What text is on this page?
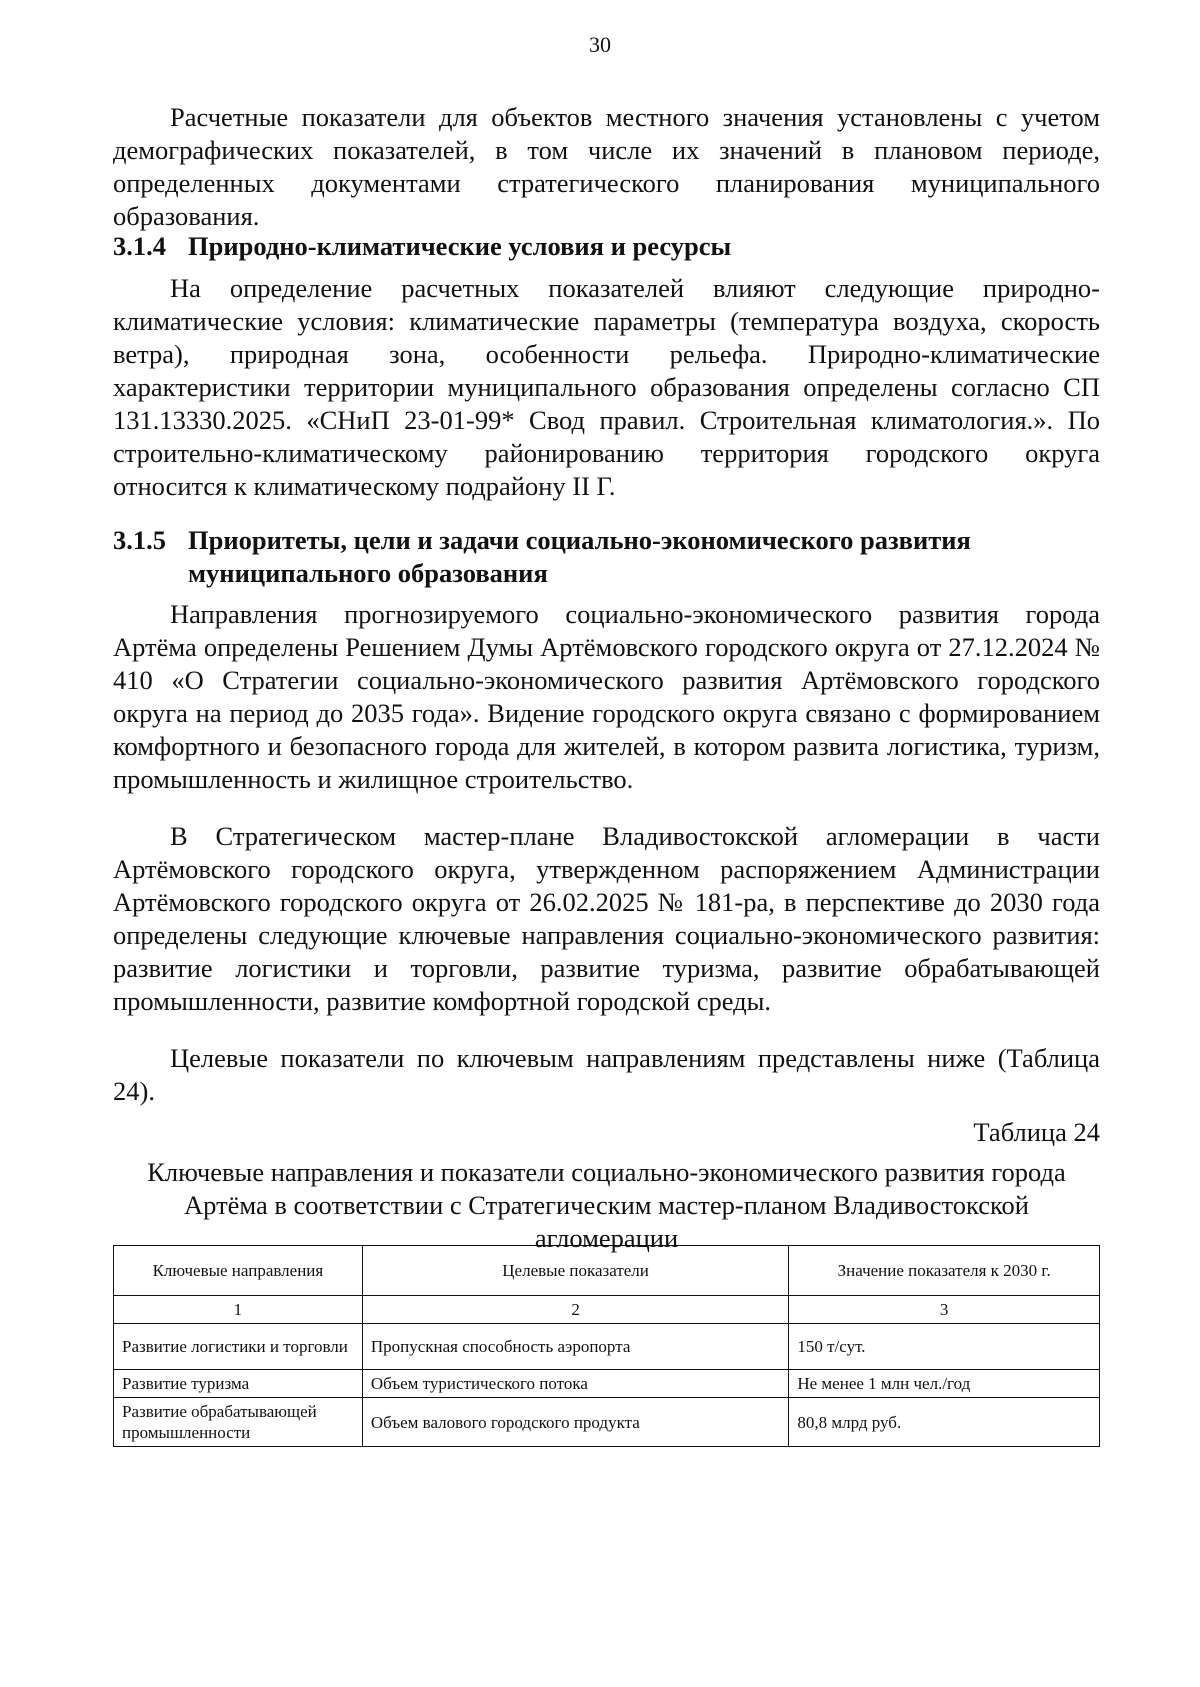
30

Расчетные показатели для объектов местного значения установлены с учетом демографических показателей, в том числе их значений в плановом периоде, определенных документами стратегического планирования муниципального образования.

3.1.4 Природно-климатические условия и ресурсы

На определение расчетных показателей влияют следующие природно-климатические условия: климатические параметры (температура воздуха, скорость ветра), природная зона, особенности рельефа. Природно-климатические характеристики территории муниципального образования определены согласно СП 131.13330.2025. «СНиП 23-01-99* Свод правил. Строительная климатология.». По строительно-климатическому районированию территория городского округа относится к климатическому подрайону II Г.

3.1.5 Приоритеты, цели и задачи социально-экономического развития муниципального образования

Направления прогнозируемого социально-экономического развития города Артёма определены Решением Думы Артёмовского городского округа от 27.12.2024 № 410 «О Стратегии социально-экономического развития Артёмовского городского округа на период до 2035 года». Видение городского округа связано с формированием комфортного и безопасного города для жителей, в котором развита логистика, туризм, промышленность и жилищное строительство.

В Стратегическом мастер-плане Владивостокской агломерации в части Артёмовского городского округа, утвержденном распоряжением Администрации Артёмовского городского округа от 26.02.2025 № 181-ра, в перспективе до 2030 года определены следующие ключевые направления социально-экономического развития: развитие логистики и торговли, развитие туризма, развитие обрабатывающей промышленности, развитие комфортной городской среды.

Целевые показатели по ключевым направлениям представлены ниже (Таблица 24).

Таблица 24

Ключевые направления и показатели социально-экономического развития города Артёма в соответствии с Стратегическим мастер-планом Владивостокской агломерации

Ключевые направления	Целевые показатели	Значение показателя к 2030 г.
1	2	3
Развитие логистики и торговли	Пропускная способность аэропорта	150 т/сут.
Развитие туризма	Объем туристического потока	Не менее 1 млн чел./год
Развитие обрабатывающей промышленности	Объем валового городского продукта	80,8 млрд руб.
